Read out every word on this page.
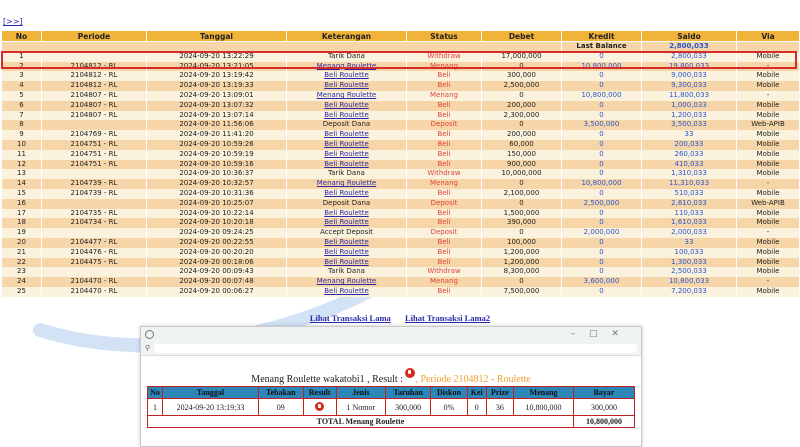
[>>]
No	Periode	Tanggal	Keterangan	Status	Debet	Kredit	Saldo	Via
						Last Balance	2,800,033	
1		2024-09-20 13:22:29	Tarik Dana	Withdraw	17,000,000	0	2,800,033	Mobile
2	2104812 - RL	2024-09-20 13:21:05	Menang Roulette	Menang	0	10,800,000	19,800,033	-
3	2104812 - RL	2024-09-20 13:19:42	Beli Roulette	Beli	300,000	0	9,000,033	Mobile
4	2104812 - RL	2024-09-20 13:19:33	Beli Roulette	Beli	2,500,000	0	9,300,033	Mobile
5	2104807 - RL	2024-09-20 13:09:01	Menang Roulette	Menang	0	10,800,000	11,800,033	-
6	2104807 - RL	2024-09-20 13:07:32	Beli Roulette	Beli	200,000	0	1,000,033	Mobile
7	2104807 - RL	2024-09-20 13:07:14	Beli Roulette	Beli	2,300,000	0	1,200,033	Mobile
8		2024-09-20 11:56:06	Deposit Dana	Deposit	0	3,500,000	3,500,033	Web-APIB
9	2104769 - RL	2024-09-20 11:41:20	Beli Roulette	Beli	200,000	0	33	Mobile
10	2104751 - RL	2024-09-20 10:59:26	Beli Roulette	Beli	60,000	0	200,033	Mobile
11	2104751 - RL	2024-09-20 10:59:19	Beli Roulette	Beli	150,000	0	260,033	Mobile
12	2104751 - RL	2024-09-20 10:59:16	Beli Roulette	Beli	900,000	0	410,033	Mobile
13		2024-09-20 10:36:37	Tarik Dana	Withdraw	10,000,000	0	1,310,033	Mobile
14	2104739 - RL	2024-09-20 10:32:57	Menang Roulette	Menang	0	10,800,000	11,310,033	-
15	2104739 - RL	2024-09-20 10:31:36	Beli Roulette	Beli	2,100,000	0	510,033	Mobile
16		2024-09-20 10:25:07	Deposit Dana	Deposit	0	2,500,000	2,610,033	Web-APIB
17	2104735 - RL	2024-09-20 10:22:14	Beli Roulette	Beli	1,500,000	0	110,033	Mobile
18	2104734 - RL	2024-09-20 10:20:18	Beli Roulette	Beli	390,000	0	1,610,033	Mobile
19		2024-09-20 09:24:25	Accept Deposit	Deposit	0	2,000,000	2,000,033	-
20	2104477 - RL	2024-09-20 00:22:55	Beli Roulette	Beli	100,000	0	33	Mobile
21	2104476 - RL	2024-09-20 00:20:20	Beli Roulette	Beli	1,200,000	0	100,033	Mobile
22	2104475 - RL	2024-09-20 00:18:06	Beli Roulette	Beli	1,200,000	0	1,300,033	Mobile
23		2024-09-20 00:09:43	Tarik Dana	Withdraw	8,300,000	0	2,500,033	Mobile
24	2104470 - RL	2024-09-20 00:07:48	Menang Roulette	Menang	0	3,600,000	10,800,033	-
25	2104470 - RL	2024-09-20 00:06:27	Beli Roulette	Beli	7,500,000	0	7,200,033	Mobile
Lihat Transaksi Lama Lihat Transaksi Lama2
–□✕
⚲
Menang Roulette wakatobi1 , Result : , Periode 2104812 - Roulette
No	Tanggal	Tebakan	Result	Jenis	Taruhan	Diskon	Kei	Prize	Menang	Bayar
1	2024-09-20 13:19:33	09		1 Nomor	300,000	0%	0	36	10,800,000	300,000
TOTAL Menang Roulette										10,800,000
